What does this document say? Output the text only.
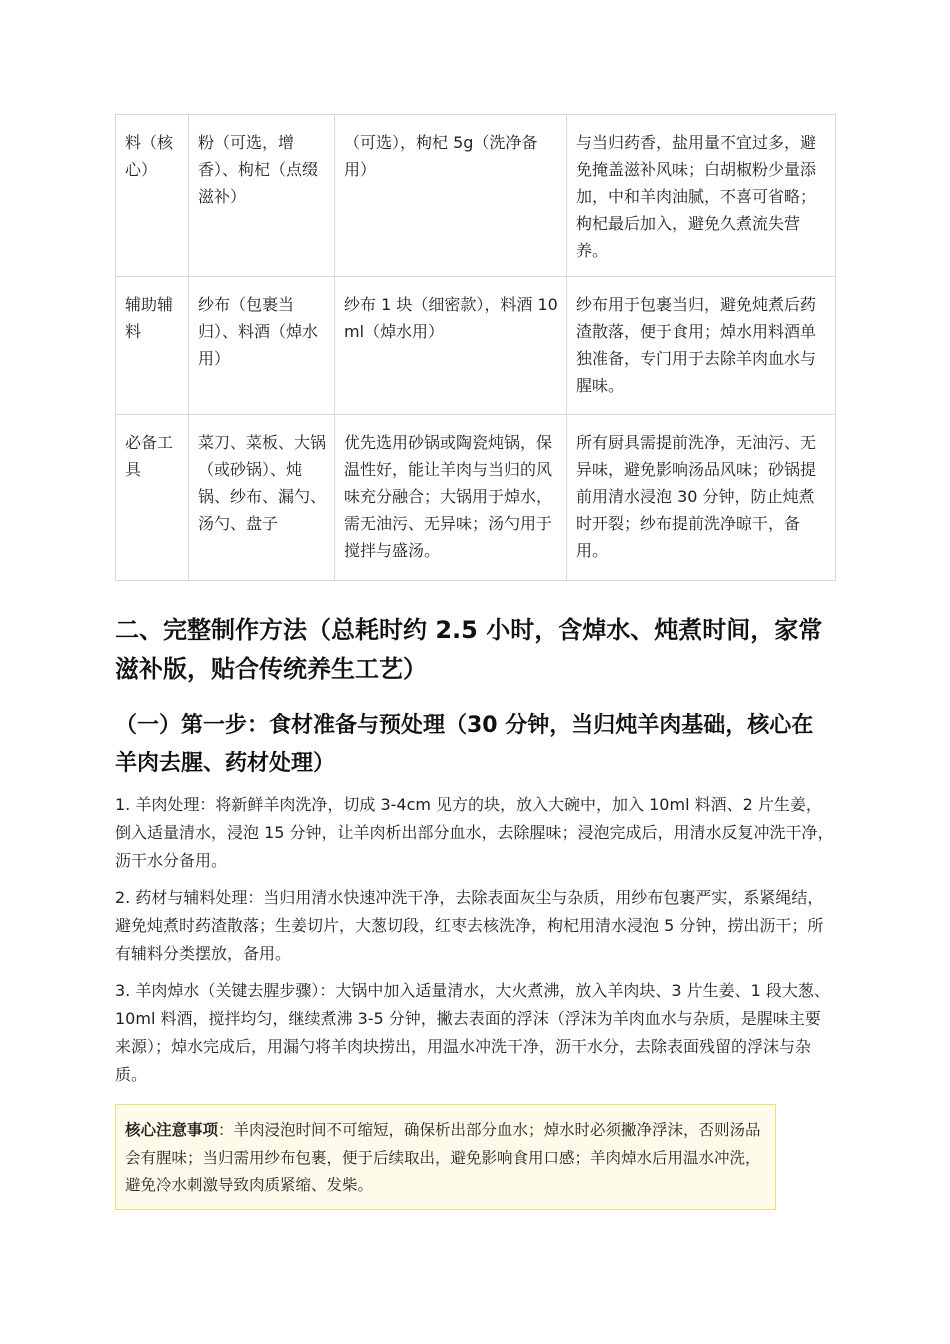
料（核心）	粉（可选，增香）、枸杞（点缀滋补）	（可选），枸杞 5g（洗净备用）	与当归药香，盐用量不宜过多，避免掩盖滋补风味；白胡椒粉少量添加，中和羊肉油腻，不喜可省略；枸杞最后加入，避免久煮流失营养。
辅助辅料	纱布（包裹当归）、料酒（焯水用）	纱布 1 块（细密款），料酒 10ml（焯水用）	纱布用于包裹当归，避免炖煮后药渣散落，便于食用；焯水用料酒单独准备，专门用于去除羊肉血水与腥味。
必备工具	菜刀、菜板、大锅（或砂锅）、炖锅、纱布、漏勺、汤勺、盘子	优先选用砂锅或陶瓷炖锅，保温性好，能让羊肉与当归的风味充分融合；大锅用于焯水，需无油污、无异味；汤勺用于搅拌与盛汤。	所有厨具需提前洗净，无油污、无异味，避免影响汤品风味；砂锅提前用清水浸泡 30 分钟，防止炖煮时开裂；纱布提前洗净晾干，备用。
二、完整制作方法（总耗时约 2.5 小时，含焯水、炖煮时间，家常滋补版，贴合传统养生工艺）
（一）第一步：食材准备与预处理（30 分钟，当归炖羊肉基础，核心在羊肉去腥、药材处理）

1. 羊肉处理：将新鲜羊肉洗净，切成 3-4cm 见方的块，放入大碗中，加入 10ml 料酒、2 片生姜，倒入适量清水，浸泡 15 分钟，让羊肉析出部分血水，去除腥味；浸泡完成后，用清水反复冲洗干净，沥干水分备用。

2. 药材与辅料处理：当归用清水快速冲洗干净，去除表面灰尘与杂质，用纱布包裹严实，系紧绳结，避免炖煮时药渣散落；生姜切片，大葱切段，红枣去核洗净，枸杞用清水浸泡 5 分钟，捞出沥干；所有辅料分类摆放，备用。

3. 羊肉焯水（关键去腥步骤）：大锅中加入适量清水，大火煮沸，放入羊肉块、3 片生姜、1 段大葱、10ml 料酒，搅拌均匀，继续煮沸 3-5 分钟，撇去表面的浮沫（浮沫为羊肉血水与杂质，是腥味主要来源）；焯水完成后，用漏勺将羊肉块捞出，用温水冲洗干净，沥干水分，去除表面残留的浮沫与杂质。

核心注意事项：羊肉浸泡时间不可缩短，确保析出部分血水；焯水时必须撇净浮沫，否则汤品会有腥味；当归需用纱布包裹，便于后续取出，避免影响食用口感；羊肉焯水后用温水冲洗，避免冷水刺激导致肉质紧缩、发柴。
